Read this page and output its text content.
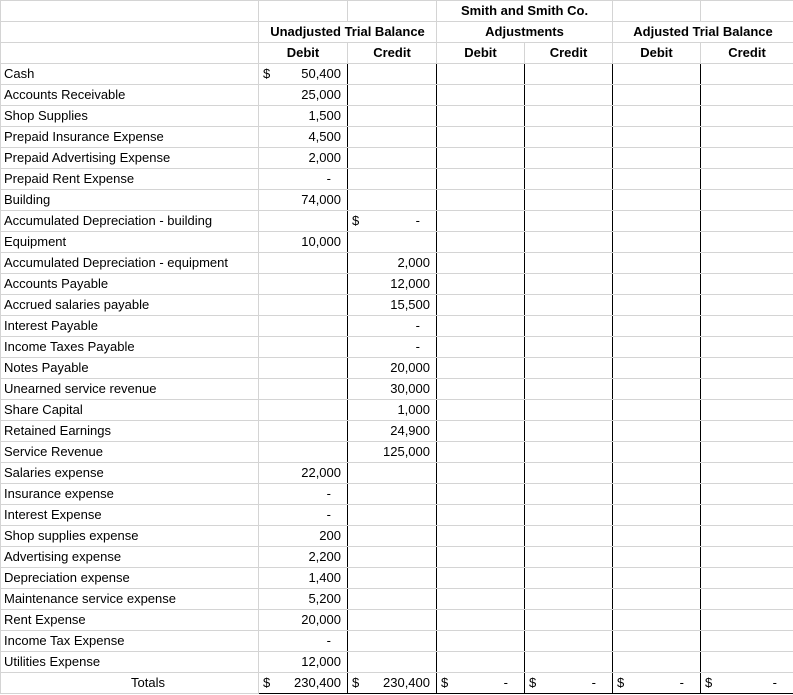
			Smith and Smith Co.			
	Unadjusted Trial Balance		Adjustments		Adjusted Trial Balance	
	Debit	Credit	Debit	Credit	Debit	Credit
Cash	$ 50,400					
Accounts Receivable	25,000					
Shop Supplies	1,500					
Prepaid Insurance Expense	4,500					
Prepaid Advertising Expense	2,000					
Prepaid Rent Expense	-					
Building	74,000					
Accumulated Depreciation - building		$ -				
Equipment	10,000					
Accumulated Depreciation - equipment		2,000				
Accounts Payable		12,000				
Accrued salaries payable		15,500				
Interest Payable		-				
Income Taxes Payable		-				
Notes Payable		20,000				
Unearned service revenue		30,000				
Share Capital		1,000				
Retained Earnings		24,900				
Service Revenue		125,000				
Salaries expense	22,000					
Insurance expense	-					
Interest Expense	-					
Shop supplies expense	200					
Advertising expense	2,200					
Depreciation expense	1,400					
Maintenance service expense	5,200					
Rent Expense	20,000					
Income Tax Expense	-					
Utilities Expense	12,000					
Totals	$ 230,400	$ 230,400	$ -	$ -	$ -	$ -
